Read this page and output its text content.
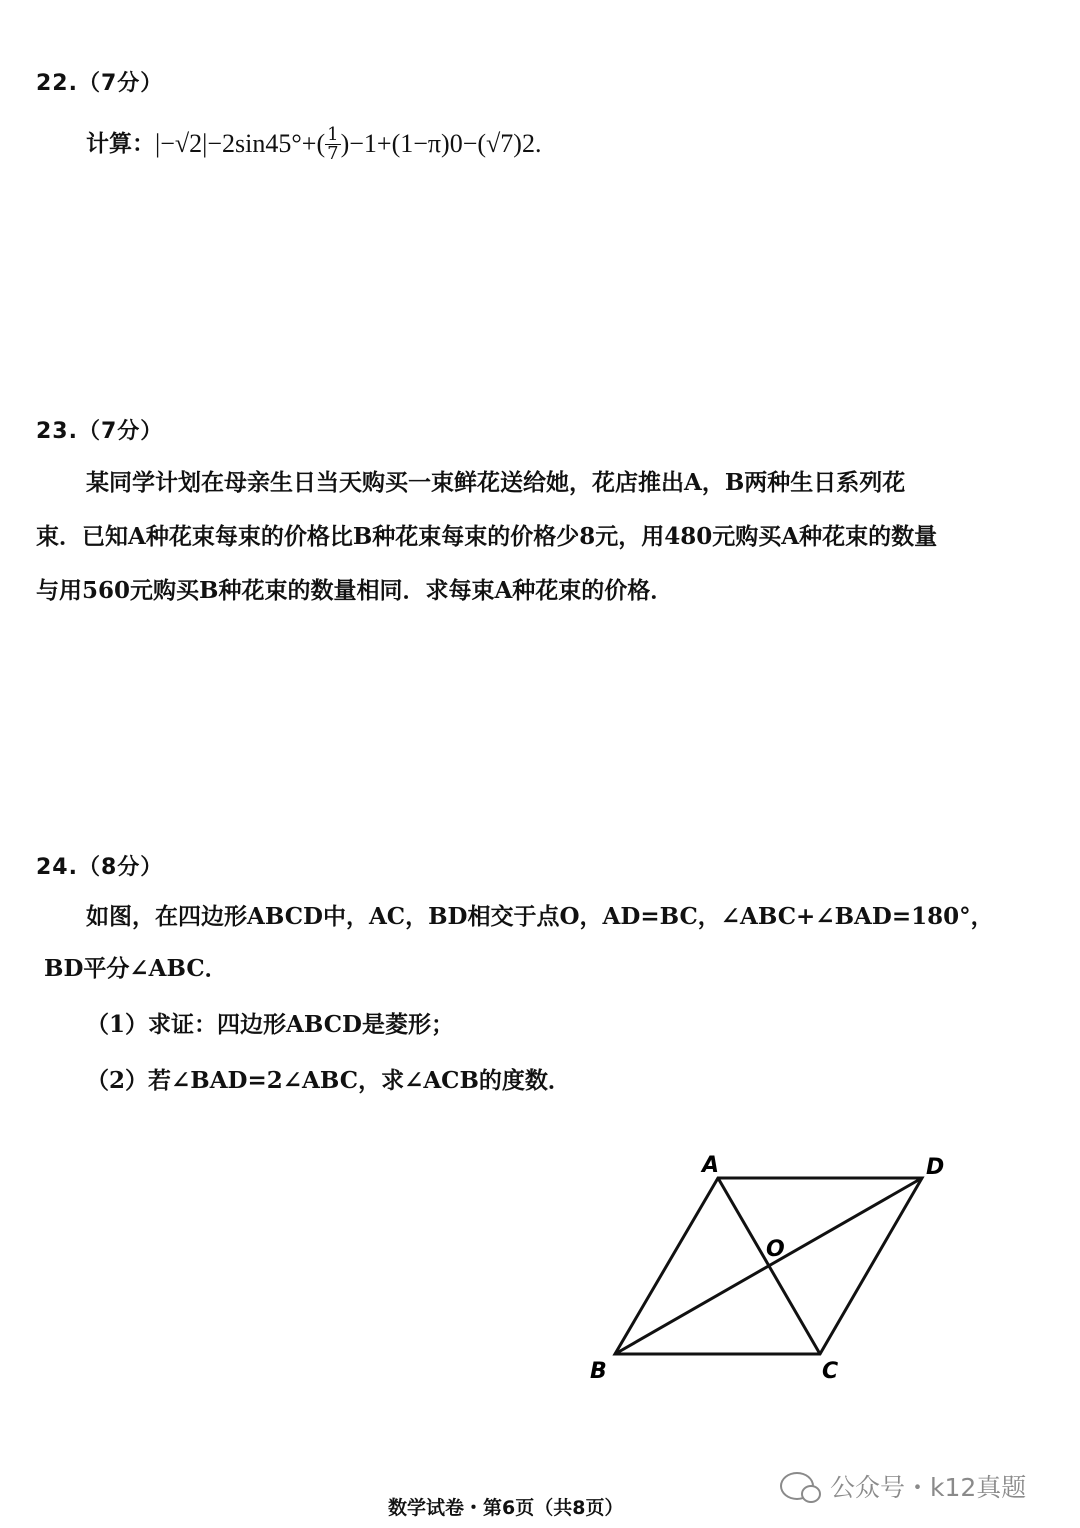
22.（7分）
计算： | −√2 | $-2\sin 45^\circ+( \frac{1}{7}$ ) −1 +(1−π) 0 −(√7) 2 .
23.（7分）
某同学计划在母亲生日当天购买一束鲜花送给她，花店推出A，B两种生日系列花
束．已知A种花束每束的价格比B种花束每束的价格少8元，用480元购买A种花束的数量
与用560元购买B种花束的数量相同．求每束A种花束的价格．
24.（8分）
如图，在四边形ABCD中，AC，BD相交于点O，AD=BC，∠ABC+∠BAD=180°，
BD平分∠ABC．
（1）求证：四边形ABCD是菱形；
（2）若∠BAD=2∠ABC，求∠ACB的度数．
A	D
O
B	C
数学试卷・第6页（共8页）
公众号・k12真题
